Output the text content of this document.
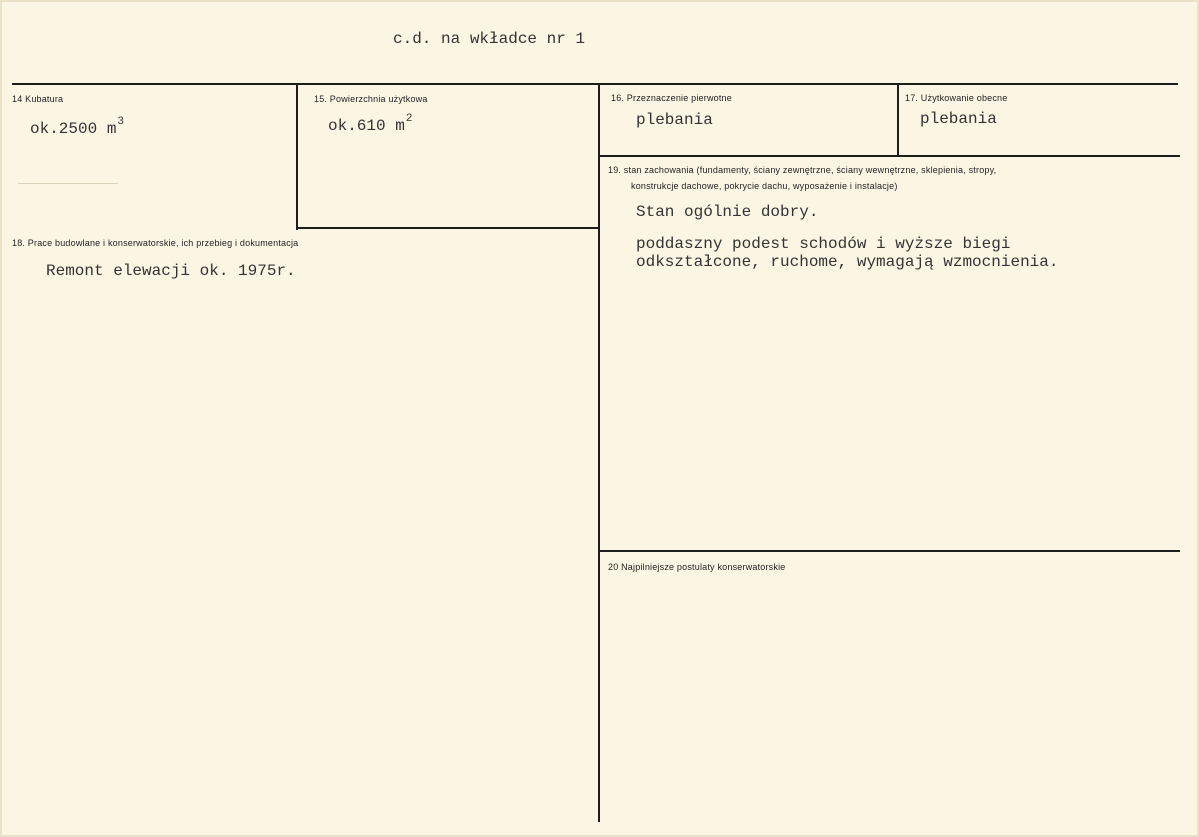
c.d. na wkładce nr 1
14 Kubatura
ok.2500 $m^3$
15. Powierzchnia użytkowa
ok.610 $m^2$
16. Przeznaczenie pierwotne
plebania
17. Użytkowanie obecne
plebania
18. Prace budowlane i konserwatorskie, ich przebieg i dokumentacja
Remont elewacji ok. 1975r.
19. stan zachowania (fundamenty, ściany zewnętrzne, ściany wewnętrzne, sklepienia, stropy,
konstrukcje dachowe, pokrycie dachu, wyposażenie i instalacje)
Stan ogólnie dobry.
poddaszny podest schodów i wyższe biegi
odkształcone, ruchome, wymagają wzmocnienia.
20 Najpilniejsze postulaty konserwatorskie
